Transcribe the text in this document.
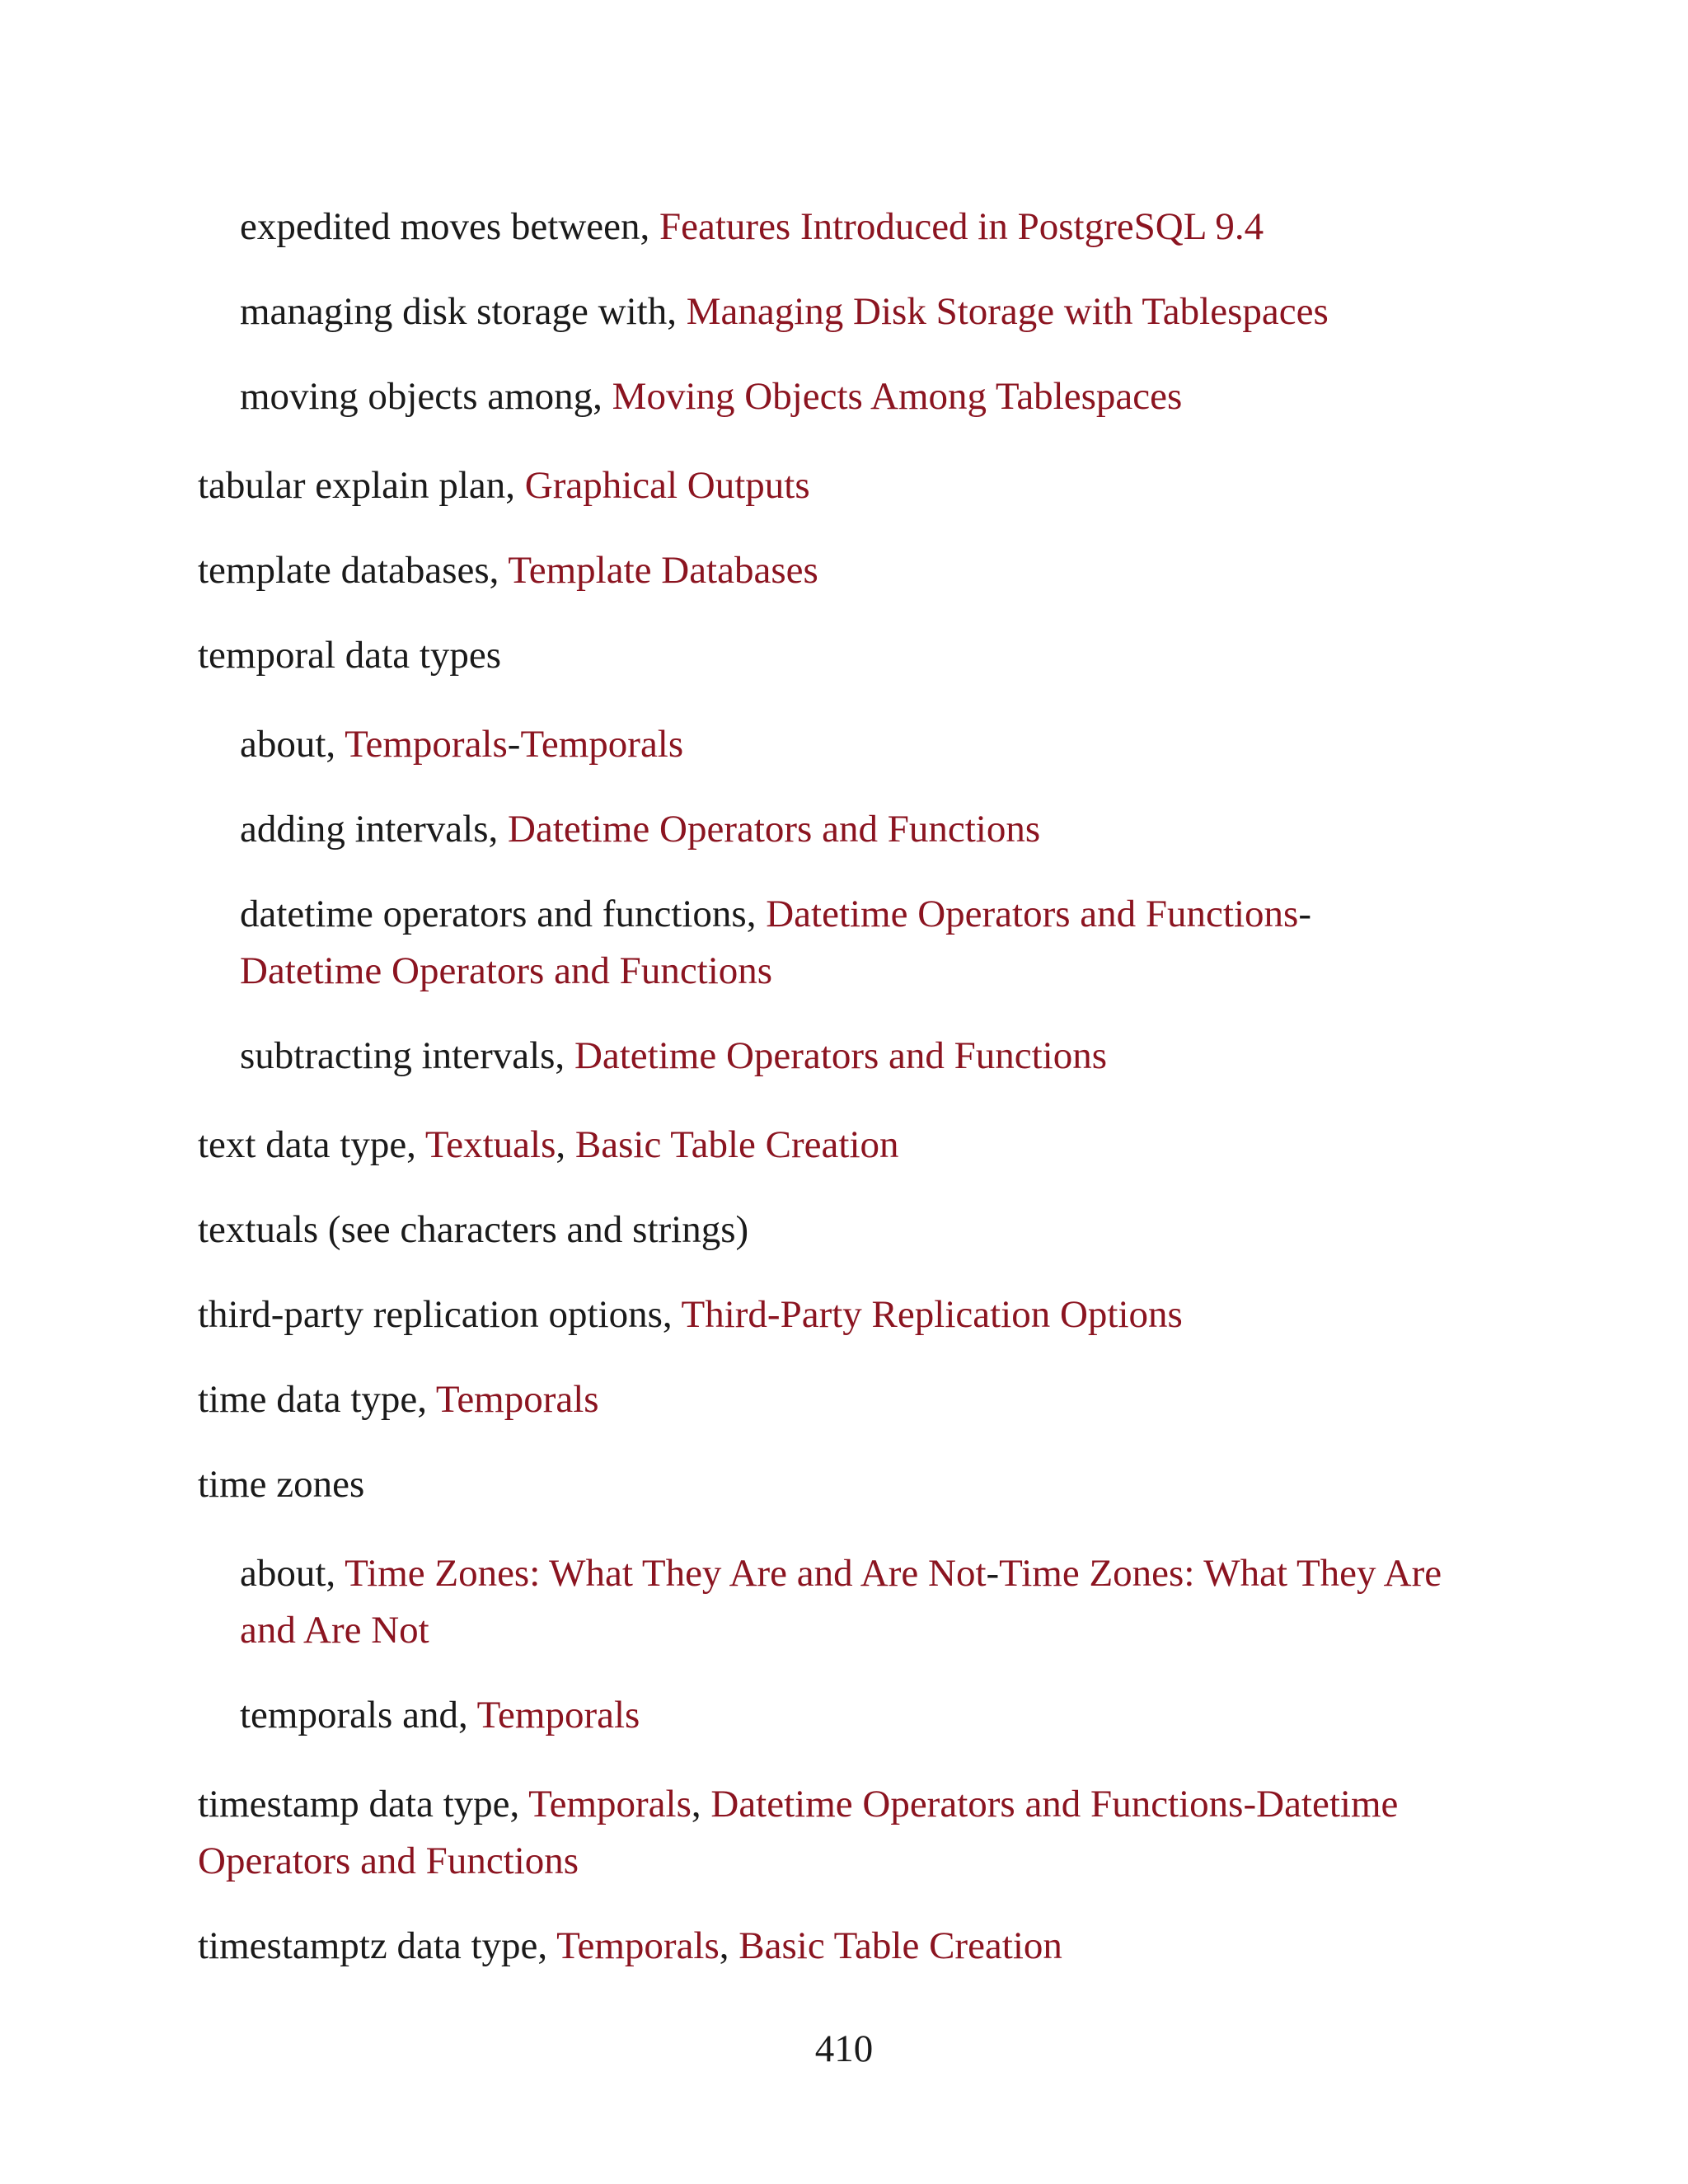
expedited moves between, Features Introduced in PostgreSQL 9.4
managing disk storage with, Managing Disk Storage with Tablespaces
moving objects among, Moving Objects Among Tablespaces
tabular explain plan, Graphical Outputs
template databases, Template Databases
temporal data types
about, Temporals-Temporals
adding intervals, Datetime Operators and Functions
datetime operators and functions, Datetime Operators and Functions-
Datetime Operators and Functions
subtracting intervals, Datetime Operators and Functions
text data type, Textuals, Basic Table Creation
textuals (see characters and strings)
third-party replication options, Third-Party Replication Options
time data type, Temporals
time zones
about, Time Zones: What They Are and Are Not-Time Zones: What They Are
and Are Not
temporals and, Temporals
timestamp data type, Temporals, Datetime Operators and Functions-Datetime
Operators and Functions
timestamptz data type, Temporals, Basic Table Creation
410
